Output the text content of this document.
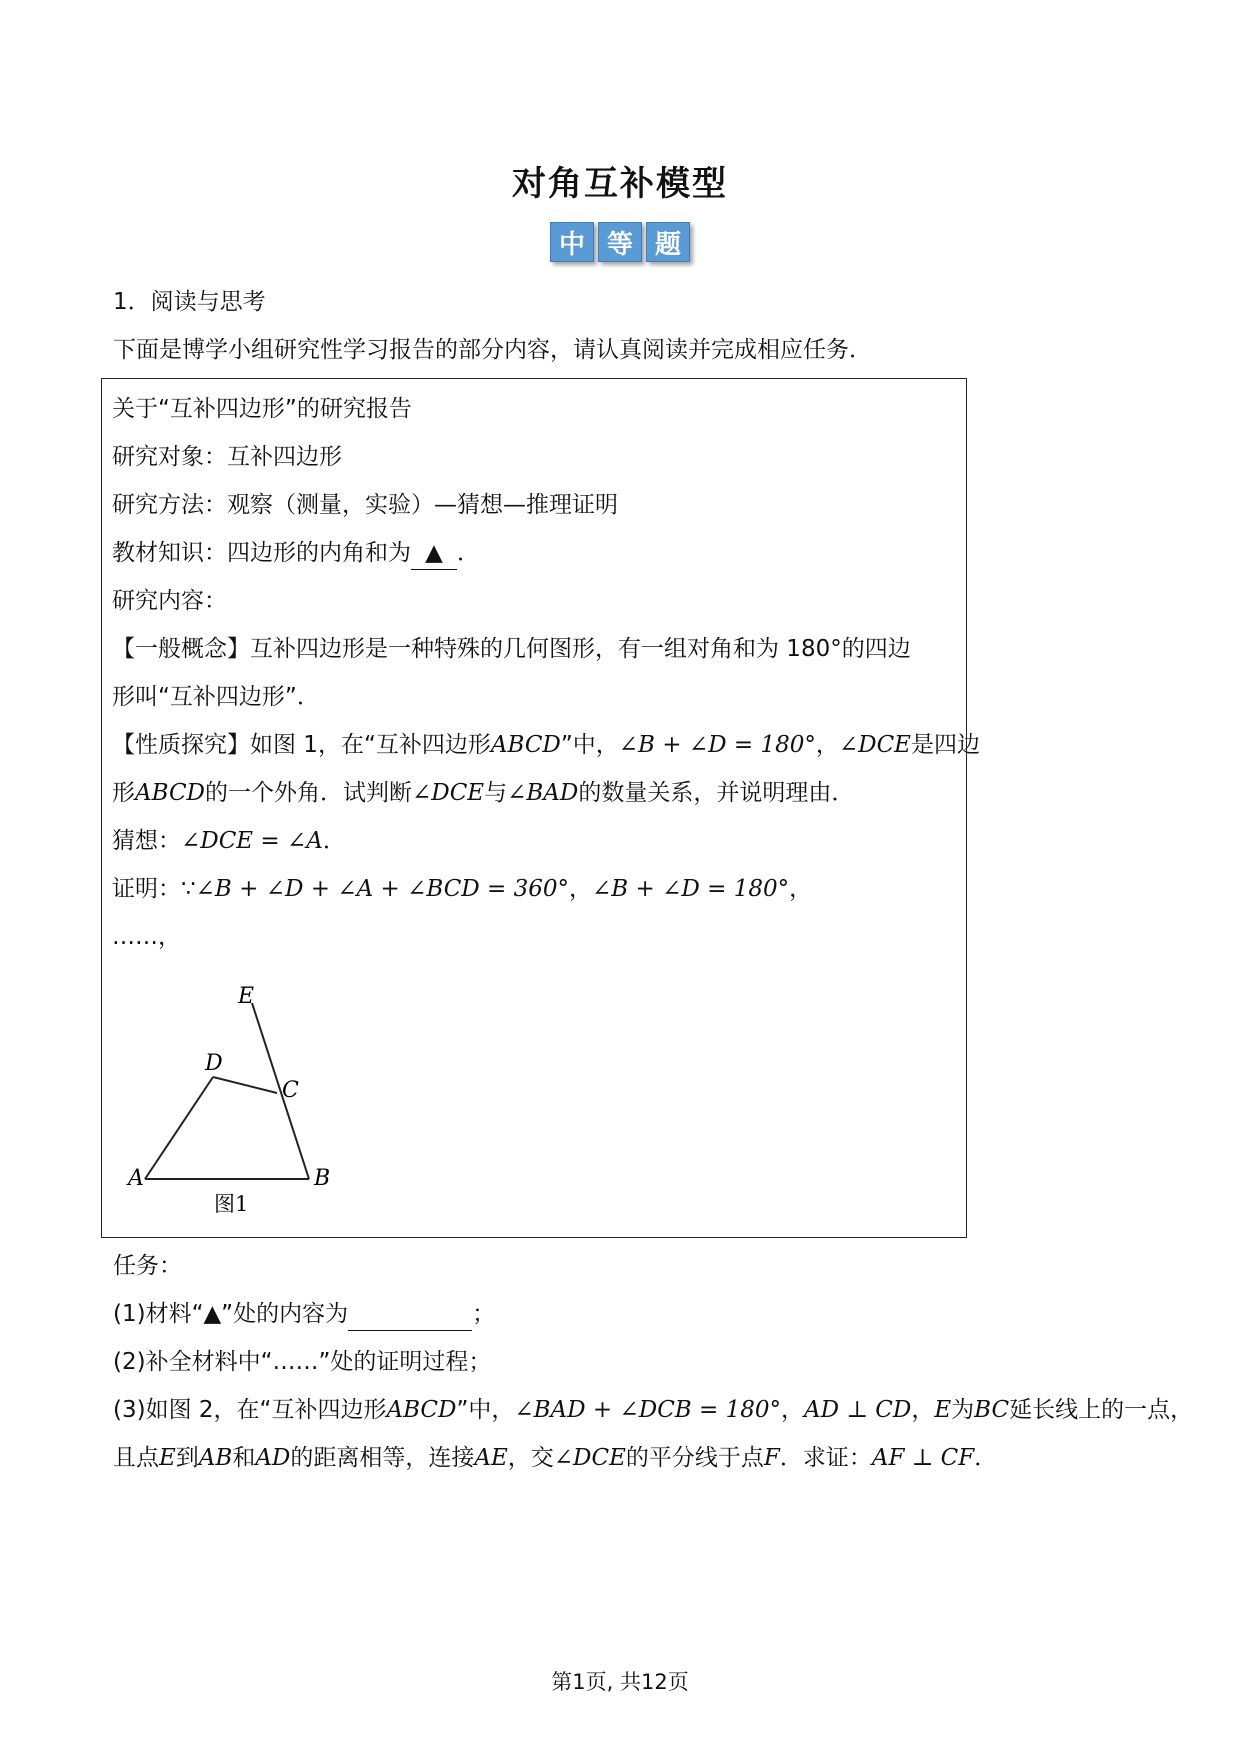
对角互补模型
中 等 题
1．阅读与思考
下面是博学小组研究性学习报告的部分内容，请认真阅读并完成相应任务．
关于“互补四边形”的研究报告
研究对象：互补四边形
研究方法：观察（测量，实验）—猜想—推理证明
教材知识：四边形的内角和为 ▲ ．
研究内容：
【一般概念】互补四边形是一种特殊的几何图形，有一组对角和为 180°的四边
形叫“互补四边形”．
【性质探究】如图 1，在“互补四边形ABCD”中，∠B + ∠D = 180°，∠DCE是四边
形ABCD的一个外角．试判断∠DCE与∠BAD的数量关系，并说明理由．
猜想：∠DCE = ∠A．
证明：∵∠B + ∠D + ∠A + ∠BCD = 360°，∠B + ∠D = 180°，
……，
E
D
C
A	B
图1
任务：
(1)材料“▲”处的内容为	；
(2)补全材料中“……”处的证明过程；
(3)如图 2，在“互补四边形ABCD”中，∠BAD + ∠DCB = 180°，AD ⊥ CD，E为BC延长线上的一点，
且点E到AB和AD的距离相等，连接AE，交∠DCE的平分线于点F．求证：AF ⊥ CF．
第1页, 共12页
